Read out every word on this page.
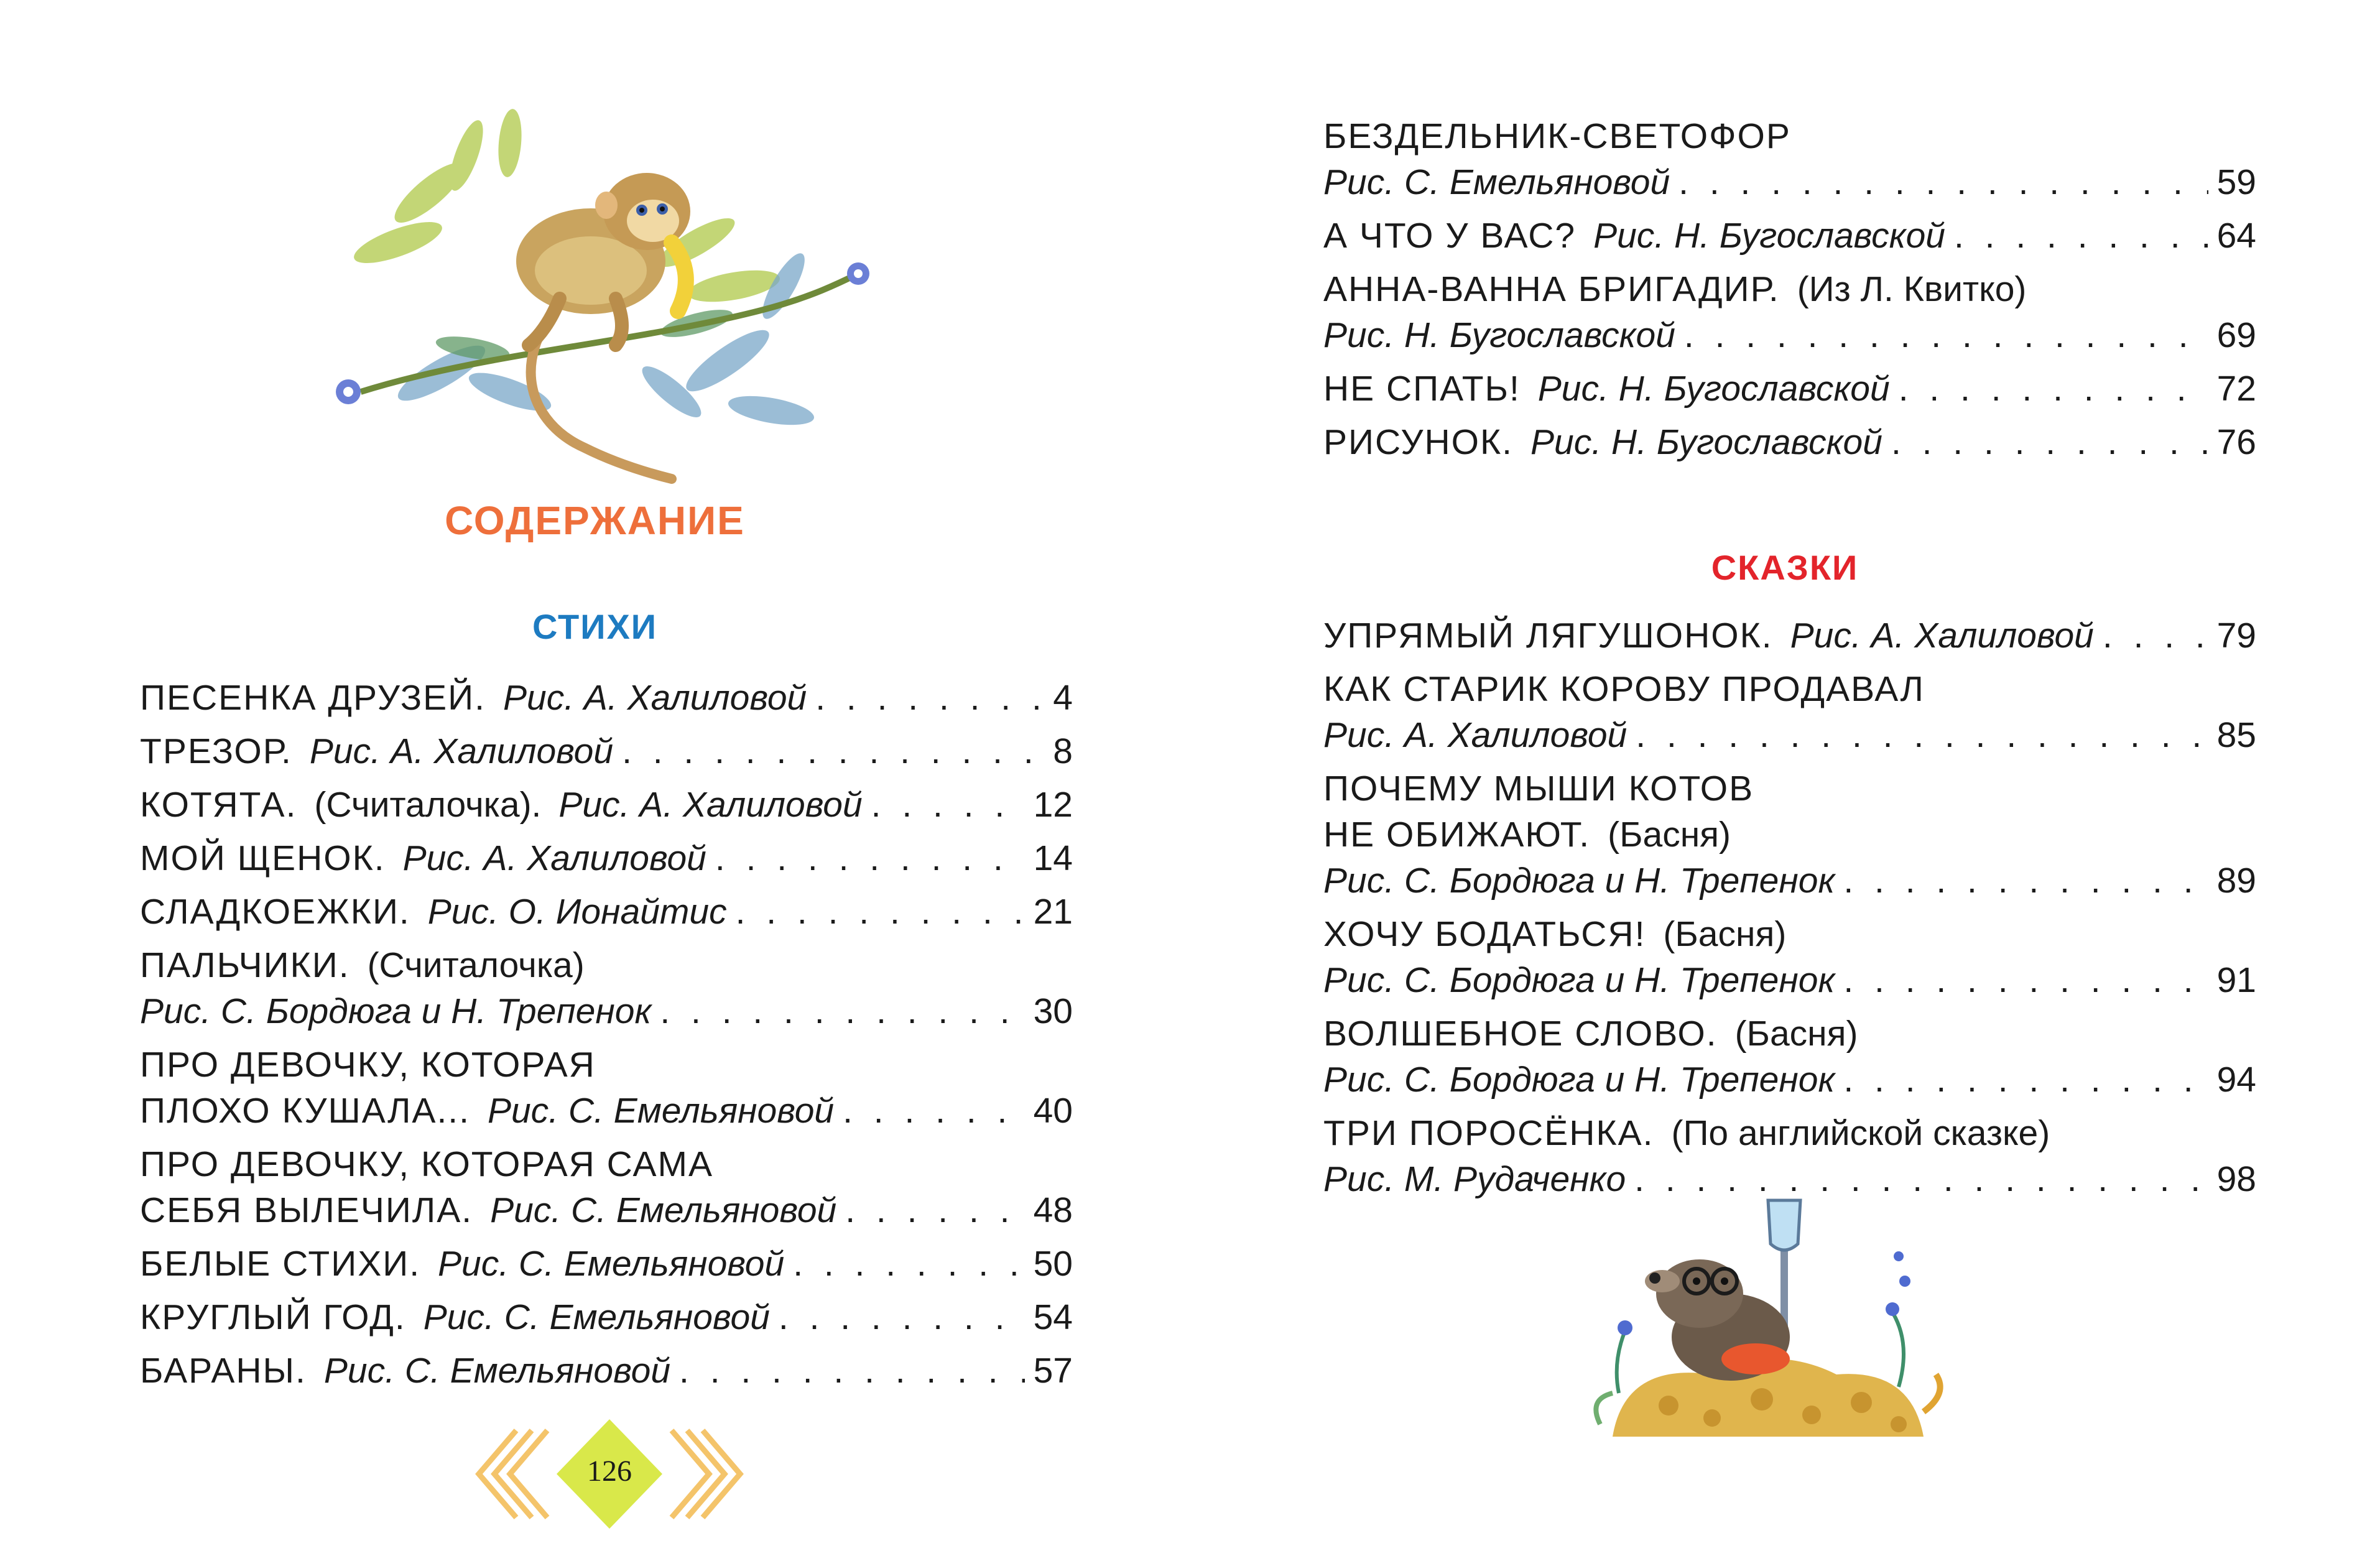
СОДЕРЖАНИЕ
СТИХИ
ПЕСЕНКА ДРУЗЕЙ. Рис. А. Халиловой . . .	4
ТРЕЗОР. Рис. А. Халиловой . . .	8
КОТЯТА. (Считалочка). Рис. А. Халиловой . . .	12
МОЙ ЩЕНОК. Рис. А. Халиловой . . .	14
СЛАДКОЕЖКИ. Рис. О. Ионайтис . . .	21
ПАЛЬЧИКИ. (Считалочка)
Рис. С. Бордюга и Н. Трепенок . . .	30
ПРО ДЕВОЧКУ, КОТОРАЯ
ПЛОХО КУШАЛА... Рис. С. Емельяновой . . .	40
ПРО ДЕВОЧКУ, КОТОРАЯ САМА
СЕБЯ ВЫЛЕЧИЛА. Рис. С. Емельяновой . . .	48
БЕЛЫЕ СТИХИ. Рис. С. Емельяновой . . .	50
КРУГЛЫЙ ГОД. Рис. С. Емельяновой . . .	54
БАРАНЫ. Рис. С. Емельяновой . . .	57
126
БЕЗДЕЛЬНИК-СВЕТОФОР
Рис. С. Емельяновой . . .	59
А ЧТО У ВАС? Рис. Н. Бугославской . . .	64
АННА-ВАННА БРИГАДИР. (Из Л. Квитко)
Рис. Н. Бугославской . . .	69
НЕ СПАТЬ! Рис. Н. Бугославской . . .	72
РИСУНОК. Рис. Н. Бугославской . . .	76
СКАЗКИ
УПРЯМЫЙ ЛЯГУШОНОК. Рис. А. Халиловой . . .	79
КАК СТАРИК КОРОВУ ПРОДАВАЛ
Рис. А. Халиловой . . .	85
ПОЧЕМУ МЫШИ КОТОВ
НЕ ОБИЖАЮТ. (Басня)
Рис. С. Бордюга и Н. Трепенок . . .	89
ХОЧУ БОДАТЬСЯ! (Басня)
Рис. С. Бордюга и Н. Трепенок . . .	91
ВОЛШЕБНОЕ СЛОВО. (Басня)
Рис. С. Бордюга и Н. Трепенок . . .	94
ТРИ ПОРОСЁНКА. (По английской сказке)
Рис. М. Рудаченко . . .	98
